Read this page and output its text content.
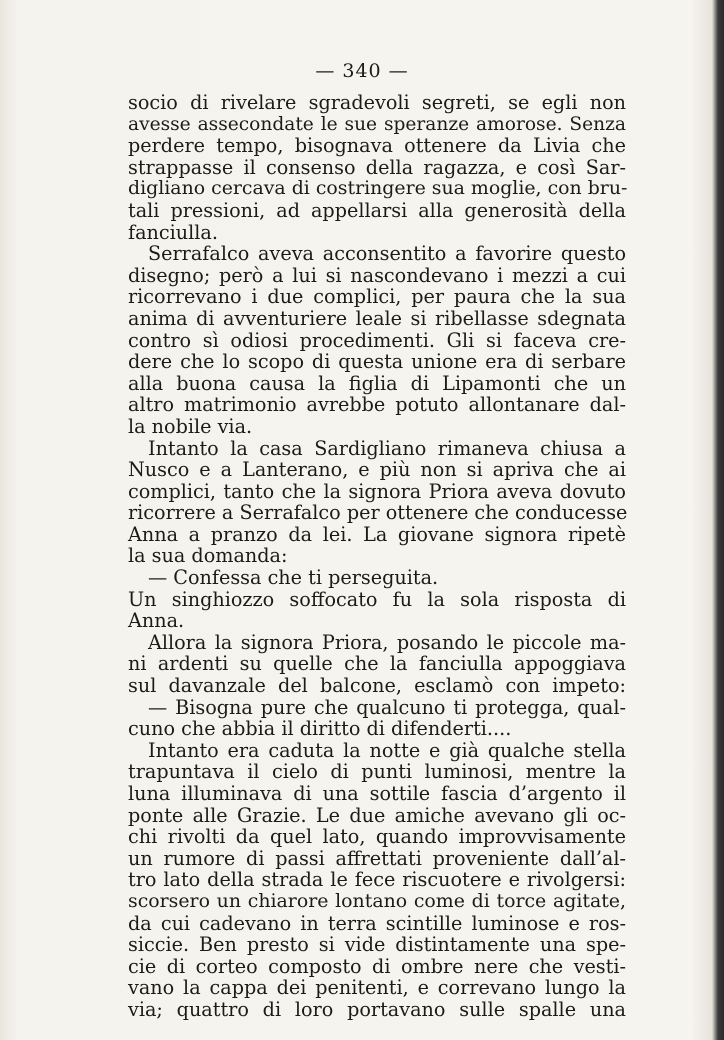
— 340 —
socio di rivelare sgradevoli segreti, se egli non
avesse assecondate le sue speranze amorose. Senza
perdere tempo, bisognava ottenere da Livia che
strappasse il consenso della ragazza, e così Sar-
digliano cercava di costringere sua moglie, con bru-
tali pressioni, ad appellarsi alla generosità della
fanciulla.
Serrafalco aveva acconsentito a favorire questo
disegno; però a lui si nascondevano i mezzi a cui
ricorrevano i due complici, per paura che la sua
anima di avventuriere leale si ribellasse sdegnata
contro sì odiosi procedimenti. Gli si faceva cre-
dere che lo scopo di questa unione era di serbare
alla buona causa la figlia di Lipamonti che un
altro matrimonio avrebbe potuto allontanare dal-
la nobile via.
Intanto la casa Sardigliano rimaneva chiusa a
Nusco e a Lanterano, e più non si apriva che ai
complici, tanto che la signora Priora aveva dovuto
ricorrere a Serrafalco per ottenere che conducesse
Anna a pranzo da lei. La giovane signora ripetè
la sua domanda:
— Confessa che ti perseguita.
Un singhiozzo soffocato fu la sola risposta di
Anna.
Allora la signora Priora, posando le piccole ma-
ni ardenti su quelle che la fanciulla appoggiava
sul davanzale del balcone, esclamò con impeto:
— Bisogna pure che qualcuno ti protegga, qual-
cuno che abbia il diritto di difenderti....
Intanto era caduta la notte e già qualche stella
trapuntava il cielo di punti luminosi, mentre la
luna illuminava di una sottile fascia d’argento il
ponte alle Grazie. Le due amiche avevano gli oc-
chi rivolti da quel lato, quando improvvisamente
un rumore di passi affrettati proveniente dall’al-
tro lato della strada le fece riscuotere e rivolgersi:
scorsero un chiarore lontano come di torce agitate,
da cui cadevano in terra scintille luminose e ros-
siccie. Ben presto si vide distintamente una spe-
cie di corteo composto di ombre nere che vesti-
vano la cappa dei penitenti, e correvano lungo la
via; quattro di loro portavano sulle spalle una
